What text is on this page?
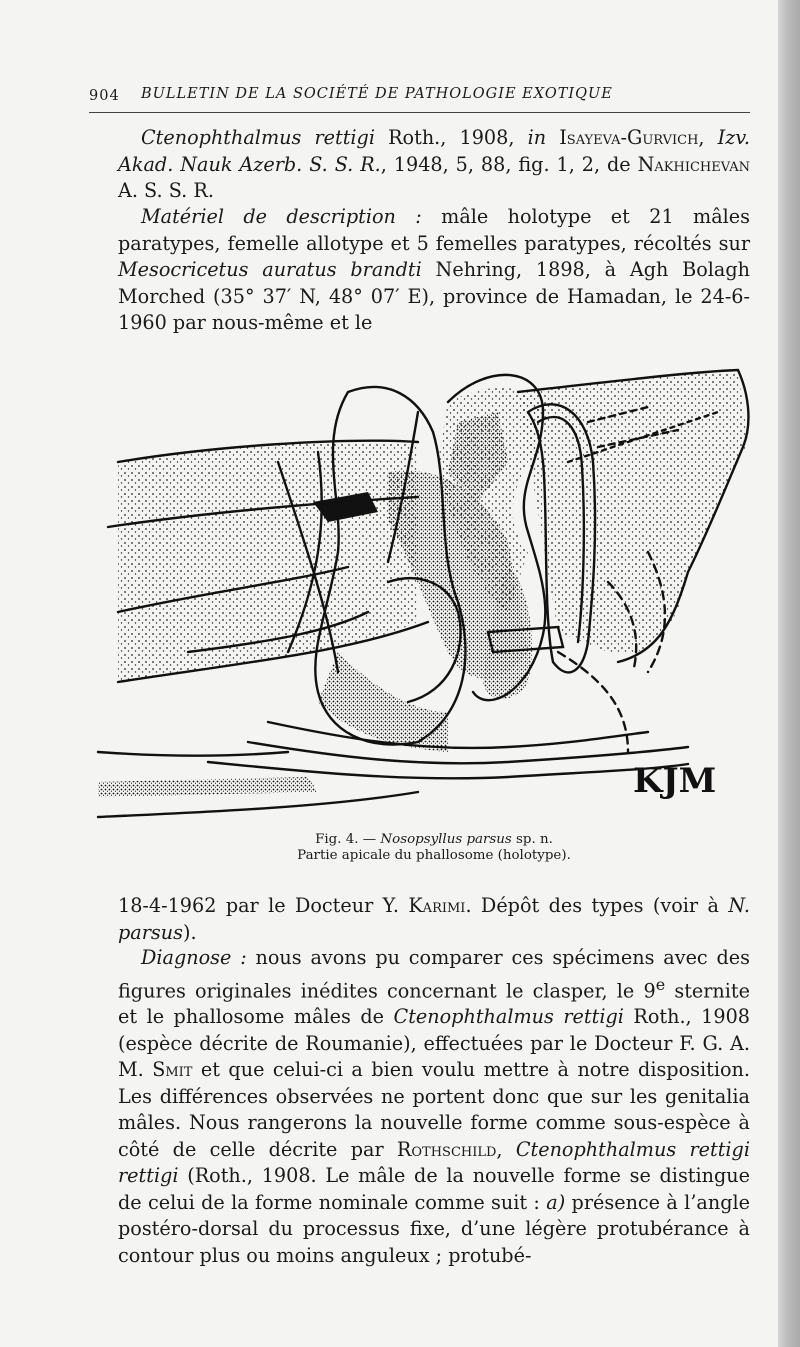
904 BULLETIN DE LA SOCIÉTÉ DE PATHOLOGIE EXOTIQUE

Ctenophthalmus rettigi Roth., 1908, in Isayeva-Gurvich, Izv. Akad. Nauk Azerb. S. S. R., 1948, 5, 88, fig. 1, 2, de Nakhichevan A. S. S. R.

Matériel de description : mâle holotype et 21 mâles paratypes, femelle allotype et 5 femelles paratypes, récoltés sur Mesocricetus auratus brandti Nehring, 1898, à Agh Bolagh Morched (35° 37′ N, 48° 07′ E), province de Hamadan, le 24-6-1960 par nous-même et le

KJM
Fig. 4. — Nosopsyllus parsus sp. n.
Partie apicale du phallosome (holotype).

18-4-1962 par le Docteur Y. Karimi. Dépôt des types (voir à N. parsus).

Diagnose : nous avons pu comparer ces spécimens avec des figures originales inédites concernant le clasper, le 9e sternite et le phallosome mâles de Ctenophthalmus rettigi Roth., 1908 (espèce décrite de Roumanie), effectuées par le Docteur F. G. A. M. Smit et que celui-ci a bien voulu mettre à notre disposition. Les différences observées ne portent donc que sur les genitalia mâles. Nous rangerons la nouvelle forme comme sous-espèce à côté de celle décrite par Rothschild, Ctenophthalmus rettigi rettigi (Roth., 1908. Le mâle de la nouvelle forme se distingue de celui de la forme nominale comme suit : a) présence à l’angle postéro-dorsal du processus fixe, d’une légère protubérance à contour plus ou moins anguleux ; protubé-
